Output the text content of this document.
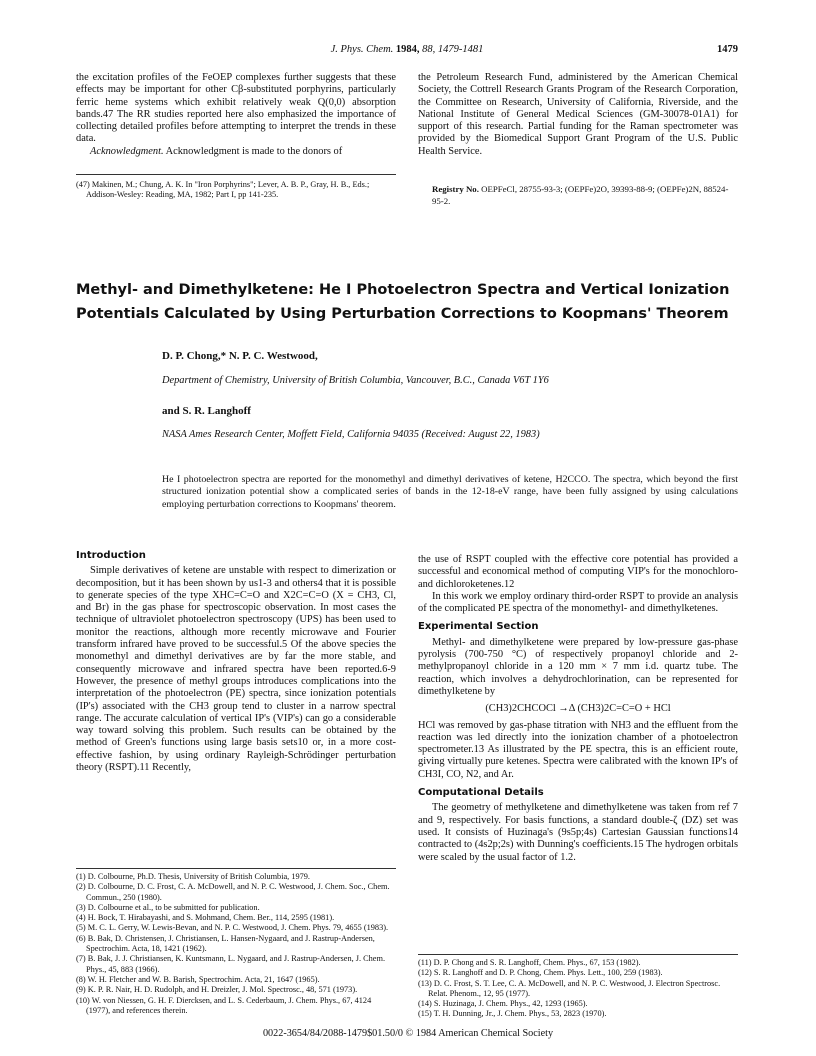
J. Phys. Chem. 1984, 88, 1479-1481	1479

the excitation profiles of the FeOEP complexes further suggests that these effects may be important for other Cβ-substituted porphyrins, particularly ferric heme systems which exhibit relatively weak Q(0,0) absorption bands.47 The RR studies reported here also emphasized the importance of collecting detailed profiles before attempting to interpret the trends in these data.

Acknowledgment. Acknowledgment is made to the donors of

(47) Makinen, M.; Chung, A. K. In "Iron Porphyrins"; Lever, A. B. P., Gray, H. B., Eds.; Addison-Wesley: Reading, MA, 1982; Part I, pp 141-235.

the Petroleum Research Fund, administered by the American Chemical Society, the Cottrell Research Grants Program of the Research Corporation, the Committee on Research, University of California, Riverside, and the National Institute of General Medical Sciences (GM-30078-01A1) for support of this research. Partial funding for the Raman spectrometer was provided by the Biomedical Support Grant Program of the U.S. Public Health Service.

Registry No. OEPFeCl, 28755-93-3; (OEPFe)2O, 39393-88-9; (OEPFe)2N, 88524-95-2.
Methyl- and Dimethylketene: He I Photoelectron Spectra and Vertical Ionization
Potentials Calculated by Using Perturbation Corrections to Koopmans' Theorem
D. P. Chong,* N. P. C. Westwood,
Department of Chemistry, University of British Columbia, Vancouver, B.C., Canada V6T 1Y6
and S. R. Langhoff
NASA Ames Research Center, Moffett Field, California 94035 (Received: August 22, 1983)
He I photoelectron spectra are reported for the monomethyl and dimethyl derivatives of ketene, H2CCO. The spectra, which beyond the first structured ionization potential show a complicated series of bands in the 12-18-eV range, have been fully assigned by using calculations employing perturbation corrections to Koopmans' theorem.
Introduction

Simple derivatives of ketene are unstable with respect to dimerization or decomposition, but it has been shown by us1-3 and others4 that it is possible to generate species of the type XHC=C=O and X2C=C=O (X = CH3, Cl, and Br) in the gas phase for spectroscopic observation. In most cases the technique of ultraviolet photoelectron spectroscopy (UPS) has been used to monitor the reactions, although more recently microwave and Fourier transform infrared have proved to be successful.5 Of the above species the monomethyl and dimethyl derivatives are by far the more stable, and consequently microwave and infrared spectra have been reported.6-9 However, the presence of methyl groups introduces complications into the interpretation of the photoelectron (PE) spectra, since ionization potentials (IP's) associated with the CH3 group tend to cluster in a narrow spectral range. The accurate calculation of vertical IP's (VIP's) can go a considerable way toward solving this problem. Such results can be obtained by the method of Green's functions using large basis sets10 or, in a more cost-effective fashion, by using ordinary Rayleigh-Schrödinger perturbation theory (RSPT).11 Recently,

(1) D. Colbourne, Ph.D. Thesis, University of British Columbia, 1979.
(2) D. Colbourne, D. C. Frost, C. A. McDowell, and N. P. C. Westwood, J. Chem. Soc., Chem. Commun., 250 (1980).
(3) D. Colbourne et al., to be submitted for publication.
(4) H. Bock, T. Hirabayashi, and S. Mohmand, Chem. Ber., 114, 2595 (1981).
(5) M. C. L. Gerry, W. Lewis-Bevan, and N. P. C. Westwood, J. Chem. Phys. 79, 4655 (1983).
(6) B. Bak, D. Christensen, J. Christiansen, L. Hansen-Nygaard, and J. Rastrup-Andersen, Spectrochim. Acta, 18, 1421 (1962).
(7) B. Bak, J. J. Christiansen, K. Kuntsmann, L. Nygaard, and J. Rastrup-Andersen, J. Chem. Phys., 45, 883 (1966).
(8) W. H. Fletcher and W. B. Barish, Spectrochim. Acta, 21, 1647 (1965).
(9) K. P. R. Nair, H. D. Rudolph, and H. Dreizler, J. Mol. Spectrosc., 48, 571 (1973).
(10) W. von Niessen, G. H. F. Diercksen, and L. S. Cederbaum, J. Chem. Phys., 67, 4124 (1977), and references therein.

the use of RSPT coupled with the effective core potential has provided a successful and economical method of computing VIP's for the monochloro- and dichloroketenes.12

In this work we employ ordinary third-order RSPT to provide an analysis of the complicated PE spectra of the monomethyl- and dimethylketenes.

Experimental Section

Methyl- and dimethylketene were prepared by low-pressure gas-phase pyrolysis (700-750 °C) of respectively propanoyl chloride and 2-methylpropanoyl chloride in a 120 mm × 7 mm i.d. quartz tube. The reaction, which involves a dehydrochlorination, can be represented for dimethylketene by

(CH3)2CHCOCl →Δ (CH3)2C=C=O + HCl

HCl was removed by gas-phase titration with NH3 and the effluent from the reaction was led directly into the ionization chamber of a photoelectron spectrometer.13 As illustrated by the PE spectra, this is an efficient route, giving virtually pure ketenes. Spectra were calibrated with the known IP's of CH3I, CO, N2, and Ar.

Computational Details

The geometry of methylketene and dimethylketene was taken from ref 7 and 9, respectively. For basis functions, a standard double-ζ (DZ) set was used. It consists of Huzinaga's (9s5p;4s) Cartesian Gaussian functions14 contracted to (4s2p;2s) with Dunning's coefficients.15 The hydrogen orbitals were scaled by the usual factor of 1.2.

(11) D. P. Chong and S. R. Langhoff, Chem. Phys., 67, 153 (1982).
(12) S. R. Langhoff and D. P. Chong, Chem. Phys. Lett., 100, 259 (1983).
(13) D. C. Frost, S. T. Lee, C. A. McDowell, and N. P. C. Westwood, J. Electron Spectrosc. Relat. Phenom., 12, 95 (1977).
(14) S. Huzinaga, J. Chem. Phys., 42, 1293 (1965).
(15) T. H. Dunning, Jr., J. Chem. Phys., 53, 2823 (1970).
0022-3654/84/2088-1479$01.50/0 © 1984 American Chemical Society
